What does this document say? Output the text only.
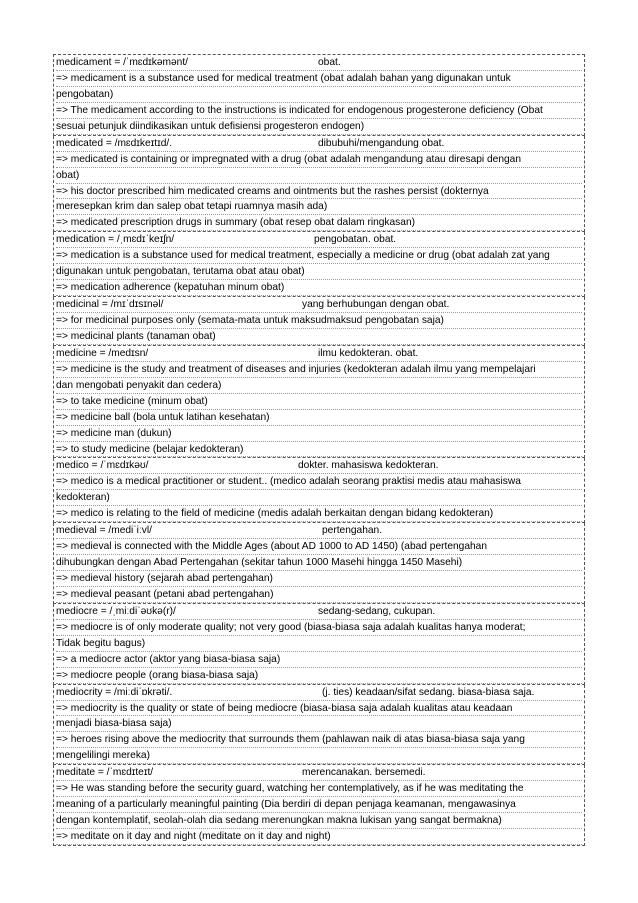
medicament = /ˈmɛdɪkəmənt/	obat.
=> medicament is a substance used for medical treatment (obat adalah bahan yang digunakan untuk
pengobatan)
=> The medicament according to the instructions is indicated for endogenous progesterone deficiency (Obat
sesuai petunjuk diindikasikan untuk defisiensi progesteron endogen)
medicated = /mɛdɪkeɪtɪd/.	dibubuhi/mengandung obat.
=> medicated is containing or impregnated with a drug (obat adalah mengandung atau diresapi dengan
obat)
=> his doctor prescribed him medicated creams and ointments but the rashes persist (dokternya
meresepkan krim dan salep obat tetapi ruamnya masih ada)
=> medicated prescription drugs in summary (obat resep obat dalam ringkasan)
medication = /ˌmɛdɪˈkeɪʃn/	pengobatan. obat.
=> medication is a substance used for medical treatment, especially a medicine or drug (obat adalah zat yang
digunakan untuk pengobatan, terutama obat atau obat)
=> medication adherence (kepatuhan minum obat)
medicinal = /mɪˈdɪsɪnəl/	yang berhubungan dengan obat.
=> for medicinal purposes only (semata-mata untuk maksudmaksud pengobatan saja)
=> medicinal plants (tanaman obat)
medicine = /medɪsn/	ilmu kedokteran. obat.
=> medicine is the study and treatment of diseases and injuries (kedokteran adalah ilmu yang mempelajari
dan mengobati penyakit dan cedera)
=> to take medicine (minum obat)
=> medicine ball (bola untuk latihan kesehatan)
=> medicine man (dukun)
=> to study medicine (belajar kedokteran)
medico = /ˈmɛdɪkəʊ/	dokter. mahasiswa kedokteran.
=> medico is a medical practitioner or student.. (medico adalah seorang praktisi medis atau mahasiswa
kedokteran)
=> medico is relating to the field of medicine (medis adalah berkaitan dengan bidang kedokteran)
medieval = /mediˈiːvl/	pertengahan.
=> medieval is connected with the Middle Ages (about AD 1000 to AD 1450) (abad pertengahan
dihubungkan dengan Abad Pertengahan (sekitar tahun 1000 Masehi hingga 1450 Masehi)
=> medieval history (sejarah abad pertengahan)
=> medieval peasant (petani abad pertengahan)
mediocre = /ˌmiːdiˈəʊkə(r)/	sedang-sedang, cukupan.
=> mediocre is of only moderate quality; not very good (biasa-biasa saja adalah kualitas hanya moderat;
Tidak begitu bagus)
=> a mediocre actor (aktor yang biasa-biasa saja)
=> mediocre people (orang biasa-biasa saja)
mediocrity = /miːdiˈɒkrəti/.	(j. ties) keadaan/sifat sedang. biasa-biasa saja.
=> mediocrity is the quality or state of being mediocre (biasa-biasa saja adalah kualitas atau keadaan
menjadi biasa-biasa saja)
=> heroes rising above the mediocrity that surrounds them (pahlawan naik di atas biasa-biasa saja yang
mengelilingi mereka)
meditate = /ˈmɛdɪteɪt/	merencanakan. bersemedi.
=> He was standing before the security guard, watching her contemplatively, as if he was meditating the
meaning of a particularly meaningful painting (Dia berdiri di depan penjaga keamanan, mengawasinya
dengan kontemplatif, seolah-olah dia sedang merenungkan makna lukisan yang sangat bermakna)
=> meditate on it day and night (meditate on it day and night)
